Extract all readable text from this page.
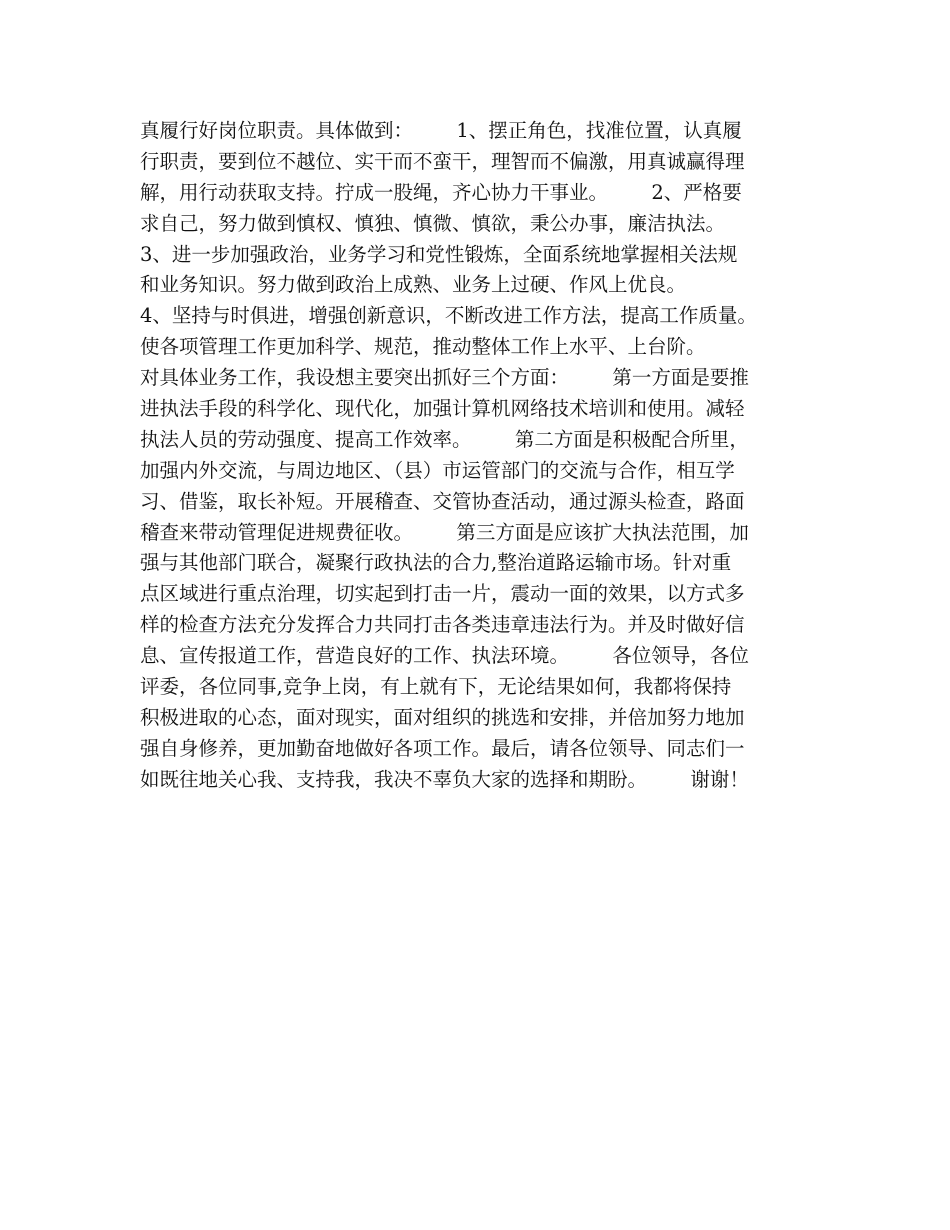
真履行好岗位职责。具体做到：       1、摆正角色，找准位置，认真履
行职责，要到位不越位、实干而不蛮干，理智而不偏激，用真诚赢得理
解，用行动获取支持。拧成一股绳，齐心协力干事业。       2、严格要
求自己，努力做到慎权、慎独、慎微、慎欲，秉公办事，廉洁执法。
3、进一步加强政治，业务学习和党性锻炼，全面系统地掌握相关法规
和业务知识。努力做到政治上成熟、业务上过硬、作风上优良。
4、坚持与时俱进，增强创新意识，不断改进工作方法，提高工作质量。
使各项管理工作更加科学、规范，推动整体工作上水平、上台阶。
对具体业务工作，我设想主要突出抓好三个方面：       第一方面是要推
进执法手段的科学化、现代化，加强计算机网络技术培训和使用。减轻
执法人员的劳动强度、提高工作效率。       第二方面是积极配合所里，
加强内外交流，与周边地区、（县）市运管部门的交流与合作，相互学
习、借鉴，取长补短。开展稽查、交管协查活动，通过源头检查，路面
稽查来带动管理促进规费征收。       第三方面是应该扩大执法范围，加
强与其他部门联合，凝聚行政执法的合力,整治道路运输市场。针对重
点区域进行重点治理，切实起到打击一片，震动一面的效果，以方式多
样的检查方法充分发挥合力共同打击各类违章违法行为。并及时做好信
息、宣传报道工作，营造良好的工作、执法环境。       各位领导，各位
评委，各位同事,竞争上岗，有上就有下，无论结果如何，我都将保持
积极进取的心态，面对现实，面对组织的挑选和安排，并倍加努力地加
强自身修养，更加勤奋地做好各项工作。最后，请各位领导、同志们一
如既往地关心我、支持我，我决不辜负大家的选择和期盼。       谢谢！
